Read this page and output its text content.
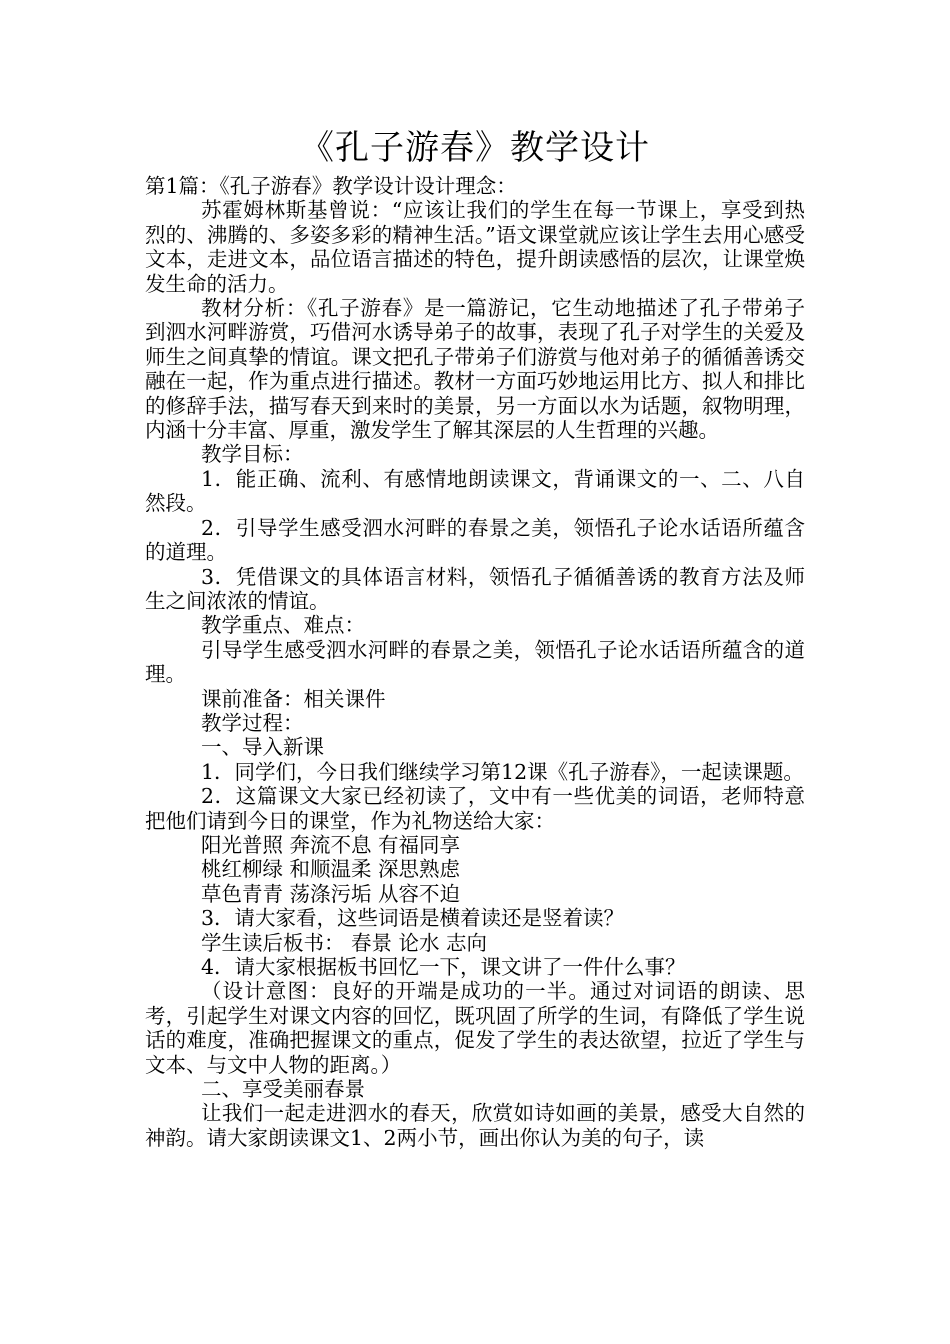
《孔子游春》教学设计

第1篇：《孔子游春》教学设计设计理念：

苏霍姆林斯基曾说：“应该让我们的学生在每一节课上，享受到热烈的、沸腾的、多姿多彩的精神生活。”语文课堂就应该让学生去用心感受文本，走进文本，品位语言描述的特色，提升朗读感悟的层次，让课堂焕发生命的活力。

教材分析：《孔子游春》是一篇游记，它生动地描述了孔子带弟子到泗水河畔游赏，巧借河水诱导弟子的故事，表现了孔子对学生的关爱及师生之间真挚的情谊。课文把孔子带弟子们游赏与他对弟子的循循善诱交融在一起，作为重点进行描述。教材一方面巧妙地运用比方、拟人和排比的修辞手法，描写春天到来时的美景，另一方面以水为话题，叙物明理，内涵十分丰富、厚重，激发学生了解其深层的人生哲理的兴趣。

教学目标：

1．能正确、流利、有感情地朗读课文，背诵课文的一、二、八自然段。

2．引导学生感受泗水河畔的春景之美，领悟孔子论水话语所蕴含的道理。

3．凭借课文的具体语言材料，领悟孔子循循善诱的教育方法及师生之间浓浓的情谊。

教学重点、难点：

引导学生感受泗水河畔的春景之美，领悟孔子论水话语所蕴含的道理。

课前准备：相关课件

教学过程：

一、导入新课

1．同学们，今日我们继续学习第12课《孔子游春》，一起读课题。

2．这篇课文大家已经初读了，文中有一些优美的词语，老师特意把他们请到今日的课堂，作为礼物送给大家：

阳光普照 奔流不息 有福同享

桃红柳绿 和顺温柔 深思熟虑

草色青青 荡涤污垢 从容不迫

3．请大家看，这些词语是横着读还是竖着读？

学生读后板书： 春景 论水 志向

4．请大家根据板书回忆一下，课文讲了一件什么事？

（设计意图：良好的开端是成功的一半。通过对词语的朗读、思考，引起学生对课文内容的回忆，既巩固了所学的生词，有降低了学生说话的难度，准确把握课文的重点，促发了学生的表达欲望，拉近了学生与文本、与文中人物的距离。）

二、享受美丽春景

让我们一起走进泗水的春天，欣赏如诗如画的美景，感受大自然的神韵。请大家朗读课文1、2两小节，画出你认为美的句子，读
